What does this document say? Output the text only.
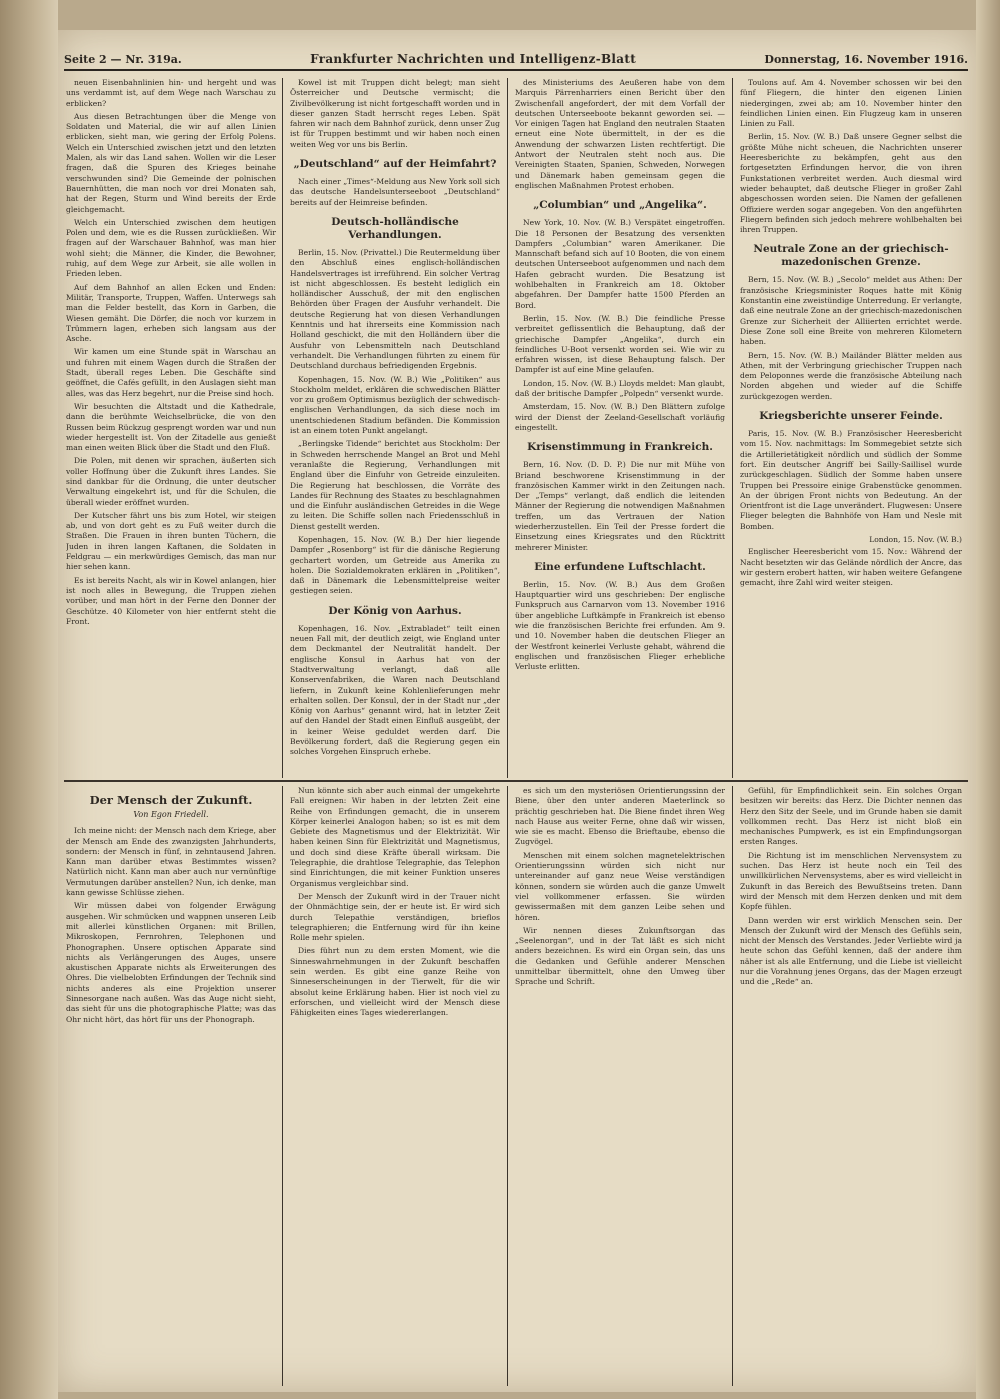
Seite 2 — Nr. 319a.	Frankfurter Nachrichten und Intelligenz-Blatt	Donnerstag, 16. November 1916.

neuen Eisenbahnlinien hin- und hergeht und was uns verdammt ist, auf dem Wege nach Warschau zu erblicken?

Aus diesen Betrachtungen über die Menge von Soldaten und Material, die wir auf allen Linien erblicken, sieht man, wie gering der Erfolg Polens. Welch ein Unterschied zwischen jetzt und den letzten Malen, als wir das Land sahen. Wollen wir die Leser fragen, daß die Spuren des Krieges beinahe verschwunden sind? Die Gemeinde der polnischen Bauernhütten, die man noch vor drei Monaten sah, hat der Regen, Sturm und Wind bereits der Erde gleichgemacht.

Welch ein Unterschied zwischen dem heutigen Polen und dem, wie es die Russen zurückließen. Wir fragen auf der Warschauer Bahnhof, was man hier wohl sieht; die Männer, die Kinder, die Bewohner, ruhig, auf dem Wege zur Arbeit, sie alle wollen in Frieden leben.

Auf dem Bahnhof an allen Ecken und Enden: Militär, Transporte, Truppen, Waffen. Unterwegs sah man die Felder bestellt, das Korn in Garben, die Wiesen gemäht. Die Dörfer, die noch vor kurzem in Trümmern lagen, erheben sich langsam aus der Asche.

Wir kamen um eine Stunde spät in Warschau an und fuhren mit einem Wagen durch die Straßen der Stadt, überall reges Leben. Die Geschäfte sind geöffnet, die Cafés gefüllt, in den Auslagen sieht man alles, was das Herz begehrt, nur die Preise sind hoch.

Wir besuchten die Altstadt und die Kathedrale, dann die berühmte Weichselbrücke, die von den Russen beim Rückzug gesprengt worden war und nun wieder hergestellt ist. Von der Zitadelle aus genießt man einen weiten Blick über die Stadt und den Fluß.

Die Polen, mit denen wir sprachen, äußerten sich voller Hoffnung über die Zukunft ihres Landes. Sie sind dankbar für die Ordnung, die unter deutscher Verwaltung eingekehrt ist, und für die Schulen, die überall wieder eröffnet wurden.

Der Kutscher fährt uns bis zum Hotel, wir steigen ab, und von dort geht es zu Fuß weiter durch die Straßen. Die Frauen in ihren bunten Tüchern, die Juden in ihren langen Kaftanen, die Soldaten in Feldgrau — ein merkwürdiges Gemisch, das man nur hier sehen kann.

Es ist bereits Nacht, als wir in Kowel anlangen, hier ist noch alles in Bewegung, die Truppen ziehen vorüber, und man hört in der Ferne den Donner der Geschütze. 40 Kilometer von hier entfernt steht die Front.

Kowel ist mit Truppen dicht belegt; man sieht Österreicher und Deutsche vermischt; die Zivilbevölkerung ist nicht fortgeschafft worden und in dieser ganzen Stadt herrscht reges Leben. Spät fahren wir nach dem Bahnhof zurück, denn unser Zug ist für Truppen bestimmt und wir haben noch einen weiten Weg vor uns bis Berlin.

„Deutschland“ auf der Heimfahrt?

Nach einer „Times“-Meldung aus New York soll sich das deutsche Handelsunterseeboot „Deutschland“ bereits auf der Heimreise befinden.

Deutsch-holländische Verhandlungen.

Berlin, 15. Nov. (Privattel.) Die Reutermeldung über den Abschluß eines englisch-holländischen Handelsvertrages ist irreführend. Ein solcher Vertrag ist nicht abgeschlossen. Es besteht lediglich ein holländischer Ausschuß, der mit den englischen Behörden über Fragen der Ausfuhr verhandelt. Die deutsche Regierung hat von diesen Verhandlungen Kenntnis und hat ihrerseits eine Kommission nach Holland geschickt, die mit den Holländern über die Ausfuhr von Lebensmitteln nach Deutschland verhandelt. Die Verhandlungen führten zu einem für Deutschland durchaus befriedigenden Ergebnis.

Kopenhagen, 15. Nov. (W. B.) Wie „Politiken“ aus Stockholm meldet, erklären die schwedischen Blätter vor zu großem Optimismus bezüglich der schwedisch-englischen Verhandlungen, da sich diese noch im unentschiedenen Stadium befänden. Die Kommission ist an einem toten Punkt angelangt.

„Berlingske Tidende“ berichtet aus Stockholm: Der in Schweden herrschende Mangel an Brot und Mehl veranlaßte die Regierung, Verhandlungen mit England über die Einfuhr von Getreide einzuleiten. Die Regierung hat beschlossen, die Vorräte des Landes für Rechnung des Staates zu beschlagnahmen und die Einfuhr ausländischen Getreides in die Wege zu leiten. Die Schiffe sollen nach Friedensschluß in Dienst gestellt werden.

Kopenhagen, 15. Nov. (W. B.) Der hier liegende Dampfer „Rosenborg“ ist für die dänische Regierung gechartert worden, um Getreide aus Amerika zu holen. Die Sozialdemokraten erklären in „Politiken“, daß in Dänemark die Lebensmittelpreise weiter gestiegen seien.

Der König von Aarhus.

Kopenhagen, 16. Nov. „Extrabladet“ teilt einen neuen Fall mit, der deutlich zeigt, wie England unter dem Deckmantel der Neutralität handelt. Der englische Konsul in Aarhus hat von der Stadtverwaltung verlangt, daß alle Konservenfabriken, die Waren nach Deutschland liefern, in Zukunft keine Kohlenlieferungen mehr erhalten sollen. Der Konsul, der in der Stadt nur „der König von Aarhus“ genannt wird, hat in letzter Zeit auf den Handel der Stadt einen Einfluß ausgeübt, der in keiner Weise geduldet werden darf. Die Bevölkerung fordert, daß die Regierung gegen ein solches Vorgehen Einspruch erhebe.

des Ministeriums des Aeußeren habe von dem Marquis Pärrenharriers einen Bericht über den Zwischenfall angefordert, der mit dem Vorfall der deutschen Unterseeboote bekannt geworden sei. — Vor einigen Tagen hat England den neutralen Staaten erneut eine Note übermittelt, in der es die Anwendung der schwarzen Listen rechtfertigt. Die Antwort der Neutralen steht noch aus. Die Vereinigten Staaten, Spanien, Schweden, Norwegen und Dänemark haben gemeinsam gegen die englischen Maßnahmen Protest erhoben.

„Columbian“ und „Angelika“.

New York, 10. Nov. (W. B.) Verspätet eingetroffen. Die 18 Personen der Besatzung des versenkten Dampfers „Columbian“ waren Amerikaner. Die Mannschaft befand sich auf 10 Booten, die von einem deutschen Unterseeboot aufgenommen und nach dem Hafen gebracht wurden. Die Besatzung ist wohlbehalten in Frankreich am 18. Oktober abgefahren. Der Dampfer hatte 1500 Pferden an Bord.

Berlin, 15. Nov. (W. B.) Die feindliche Presse verbreitet geflissentlich die Behauptung, daß der griechische Dampfer „Angelika“, durch ein feindliches U-Boot versenkt worden sei. Wie wir zu erfahren wissen, ist diese Behauptung falsch. Der Dampfer ist auf eine Mine gelaufen.

London, 15. Nov. (W. B.) Lloyds meldet: Man glaubt, daß der britische Dampfer „Polpedn“ versenkt wurde.

Amsterdam, 15. Nov. (W. B.) Den Blättern zufolge wird der Dienst der Zeeland-Gesellschaft vorläufig eingestellt.

Krisenstimmung in Frankreich.

Bern, 16. Nov. (D. D. P.) Die nur mit Mühe von Briand beschworene Krisenstimmung in der französischen Kammer wirkt in den Zeitungen nach. Der „Temps“ verlangt, daß endlich die leitenden Männer der Regierung die notwendigen Maßnahmen treffen, um das Vertrauen der Nation wiederherzustellen. Ein Teil der Presse fordert die Einsetzung eines Kriegsrates und den Rücktritt mehrerer Minister.

Eine erfundene Luftschlacht.

Berlin, 15. Nov. (W. B.) Aus dem Großen Hauptquartier wird uns geschrieben: Der englische Funkspruch aus Carnarvon vom 13. November 1916 über angebliche Luftkämpfe in Frankreich ist ebenso wie die französischen Berichte frei erfunden. Am 9. und 10. November haben die deutschen Flieger an der Westfront keinerlei Verluste gehabt, während die englischen und französischen Flieger erhebliche Verluste erlitten.

Toulons auf. Am 4. November schossen wir bei den fünf Fliegern, die hinter den eigenen Linien niedergingen, zwei ab; am 10. November hinter den feindlichen Linien einen. Ein Flugzeug kam in unseren Linien zu Fall.

Berlin, 15. Nov. (W. B.) Daß unsere Gegner selbst die größte Mühe nicht scheuen, die Nachrichten unserer Heeresberichte zu bekämpfen, geht aus den fortgesetzten Erfindungen hervor, die von ihren Funkstationen verbreitet werden. Auch diesmal wird wieder behauptet, daß deutsche Flieger in großer Zahl abgeschossen worden seien. Die Namen der gefallenen Offiziere werden sogar angegeben. Von den angeführten Fliegern befinden sich jedoch mehrere wohlbehalten bei ihren Truppen.

Neutrale Zone an der griechisch-mazedonischen Grenze.

Bern, 15. Nov. (W. B.) „Secolo“ meldet aus Athen: Der französische Kriegsminister Roques hatte mit König Konstantin eine zweistündige Unterredung. Er verlangte, daß eine neutrale Zone an der griechisch-mazedonischen Grenze zur Sicherheit der Alliierten errichtet werde. Diese Zone soll eine Breite von mehreren Kilometern haben.

Bern, 15. Nov. (W. B.) Mailänder Blätter melden aus Athen, mit der Verbringung griechischer Truppen nach dem Peloponnes werde die französische Abteilung nach Norden abgehen und wieder auf die Schiffe zurückgezogen werden.

Kriegsberichte unserer Feinde.

Paris, 15. Nov. (W. B.) Französischer Heeresbericht vom 15. Nov. nachmittags: Im Sommegebiet setzte sich die Artillerietätigkeit nördlich und südlich der Somme fort. Ein deutscher Angriff bei Sailly-Saillisel wurde zurückgeschlagen. Südlich der Somme haben unsere Truppen bei Pressoire einige Grabenstücke genommen. An der übrigen Front nichts von Bedeutung. An der Orientfront ist die Lage unverändert. Flugwesen: Unsere Flieger belegten die Bahnhöfe von Ham und Nesle mit Bomben.

London, 15. Nov. (W. B.)

Englischer Heeresbericht vom 15. Nov.: Während der Nacht besetzten wir das Gelände nördlich der Ancre, das wir gestern erobert hatten, wir haben weitere Gefangene gemacht, ihre Zahl wird weiter steigen.

Der Mensch der Zukunft.
Von Egon Friedell.

Ich meine nicht: der Mensch nach dem Kriege, aber der Mensch am Ende des zwanzigsten Jahrhunderts, sondern: der Mensch in fünf, in zehntausend Jahren. Kann man darüber etwas Bestimmtes wissen? Natürlich nicht. Kann man aber auch nur vernünftige Vermutungen darüber anstellen? Nun, ich denke, man kann gewisse Schlüsse ziehen.

Wir müssen dabei von folgender Erwägung ausgehen. Wir schmücken und wappnen unseren Leib mit allerlei künstlichen Organen: mit Brillen, Mikroskopen, Fernrohren, Telephonen und Phonographen. Unsere optischen Apparate sind nichts als Verlängerungen des Auges, unsere akustischen Apparate nichts als Erweiterungen des Ohres. Die vielbelobten Erfindungen der Technik sind nichts anderes als eine Projektion unserer Sinnesorgane nach außen. Was das Auge nicht sieht, das sieht für uns die photographische Platte; was das Ohr nicht hört, das hört für uns der Phonograph.

Nun könnte sich aber auch einmal der umgekehrte Fall ereignen: Wir haben in der letzten Zeit eine Reihe von Erfindungen gemacht, die in unserem Körper keinerlei Analogon haben; so ist es mit dem Gebiete des Magnetismus und der Elektrizität. Wir haben keinen Sinn für Elektrizität und Magnetismus, und doch sind diese Kräfte überall wirksam. Die Telegraphie, die drahtlose Telegraphie, das Telephon sind Einrichtungen, die mit keiner Funktion unseres Organismus vergleichbar sind.

Der Mensch der Zukunft wird in der Trauer nicht der Ohnmächtige sein, der er heute ist. Er wird sich durch Telepathie verständigen, brieflos telegraphieren; die Entfernung wird für ihn keine Rolle mehr spielen.

Dies führt nun zu dem ersten Moment, wie die Sinneswahrnehmungen in der Zukunft beschaffen sein werden. Es gibt eine ganze Reihe von Sinneserscheinungen in der Tierwelt, für die wir absolut keine Erklärung haben. Hier ist noch viel zu erforschen, und vielleicht wird der Mensch diese Fähigkeiten eines Tages wiedererlangen.

es sich um den mysteriösen Orientierungssinn der Biene, über den unter anderen Maeterlinck so prächtig geschrieben hat. Die Biene findet ihren Weg nach Hause aus weiter Ferne, ohne daß wir wissen, wie sie es macht. Ebenso die Brieftaube, ebenso die Zugvögel.

Menschen mit einem solchen magnetelektrischen Orientierungssinn würden sich nicht nur untereinander auf ganz neue Weise verständigen können, sondern sie würden auch die ganze Umwelt viel vollkommener erfassen. Sie würden gewissermaßen mit dem ganzen Leibe sehen und hören.

Wir nennen dieses Zukunftsorgan das „Seelenorgan“, und in der Tat läßt es sich nicht anders bezeichnen. Es wird ein Organ sein, das uns die Gedanken und Gefühle anderer Menschen unmittelbar übermittelt, ohne den Umweg über Sprache und Schrift.

Gefühl, für Empfindlichkeit sein. Ein solches Organ besitzen wir bereits: das Herz. Die Dichter nennen das Herz den Sitz der Seele, und im Grunde haben sie damit vollkommen recht. Das Herz ist nicht bloß ein mechanisches Pumpwerk, es ist ein Empfindungsorgan ersten Ranges.

Die Richtung ist im menschlichen Nervensystem zu suchen. Das Herz ist heute noch ein Teil des unwillkürlichen Nervensystems, aber es wird vielleicht in Zukunft in das Bereich des Bewußtseins treten. Dann wird der Mensch mit dem Herzen denken und mit dem Kopfe fühlen.

Dann werden wir erst wirklich Menschen sein. Der Mensch der Zukunft wird der Mensch des Gefühls sein, nicht der Mensch des Verstandes. Jeder Verliebte wird ja heute schon das Gefühl kennen, daß der andere ihm näher ist als alle Entfernung, und die Liebe ist vielleicht nur die Vorahnung jenes Organs, das der Magen erzeugt und die „Rede“ an.
